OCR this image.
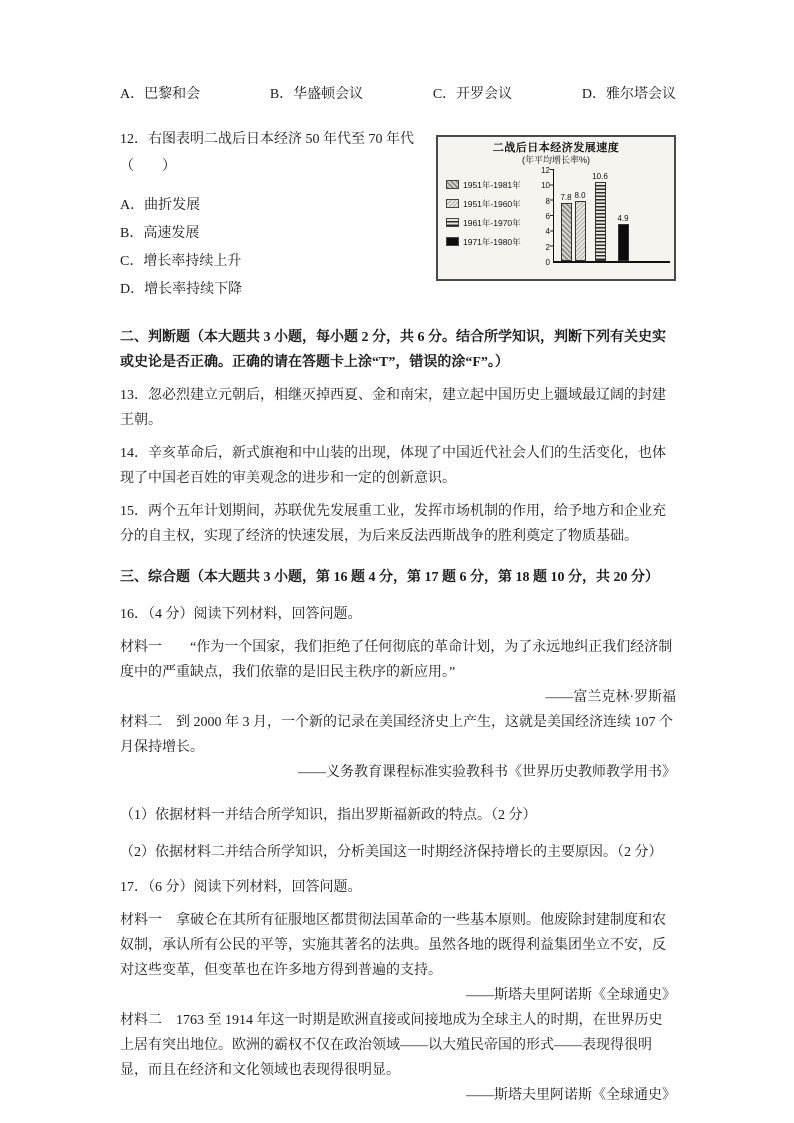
A．巴黎和会	B．华盛顿会议	C．开罗会议	D．雅尔塔会议
二战后日本经济发展速度
(年平均增长率%)
1951年-1981年
1951年-1960年
1961年-1970年
1971年-1980年
12
10
8
6
4
2
0
7.8 8.0
10.6
4.9
12．右图表明二战后日本经济 50 年代至 70 年代
（　　）
A．曲折发展
B．高速发展
C．增长率持续上升
D．增长率持续下降
二、判断题（本大题共 3 小题，每小题 2 分，共 6 分。结合所学知识，判断下列有关史实或史论是否正确。正确的请在答题卡上涂“T”，错误的涂“F”。）
13．忽必烈建立元朝后，相继灭掉西夏、金和南宋，建立起中国历史上疆域最辽阔的封建王朝。
14．辛亥革命后，新式旗袍和中山装的出现，体现了中国近代社会人们的生活变化，也体现了中国老百姓的审美观念的进步和一定的创新意识。
15．两个五年计划期间，苏联优先发展重工业，发挥市场机制的作用，给予地方和企业充分的自主权，实现了经济的快速发展，为后来反法西斯战争的胜利奠定了物质基础。
三、综合题（本大题共 3 小题，第 16 题 4 分，第 17 题 6 分，第 18 题 10 分，共 20 分）
16．（4 分）阅读下列材料，回答问题。
材料一　　“作为一个国家，我们拒绝了任何彻底的革命计划，为了永远地纠正我们经济制度中的严重缺点，我们依靠的是旧民主秩序的新应用。”
——富兰克林·罗斯福
材料二　到 2000 年 3 月，一个新的记录在美国经济史上产生，这就是美国经济连续 107 个月保持增长。
——义务教育课程标准实验教科书《世界历史教师教学用书》
（1）依据材料一并结合所学知识，指出罗斯福新政的特点。（2 分）
（2）依据材料二并结合所学知识，分析美国这一时期经济保持增长的主要原因。（2 分）
17．（6 分）阅读下列材料，回答问题。
材料一　拿破仑在其所有征服地区都贯彻法国革命的一些基本原则。他废除封建制度和农奴制，承认所有公民的平等，实施其著名的法典。虽然各地的既得利益集团坐立不安，反对这些变革，但变革也在许多地方得到普遍的支持。
——斯塔夫里阿诺斯《全球通史》
材料二　1763 至 1914 年这一时期是欧洲直接或间接地成为全球主人的时期，在世界历史上居有突出地位。欧洲的霸权不仅在政治领域——以大殖民帝国的形式——表现得很明显，而且在经济和文化领域也表现得很明显。
——斯塔夫里阿诺斯《全球通史》
